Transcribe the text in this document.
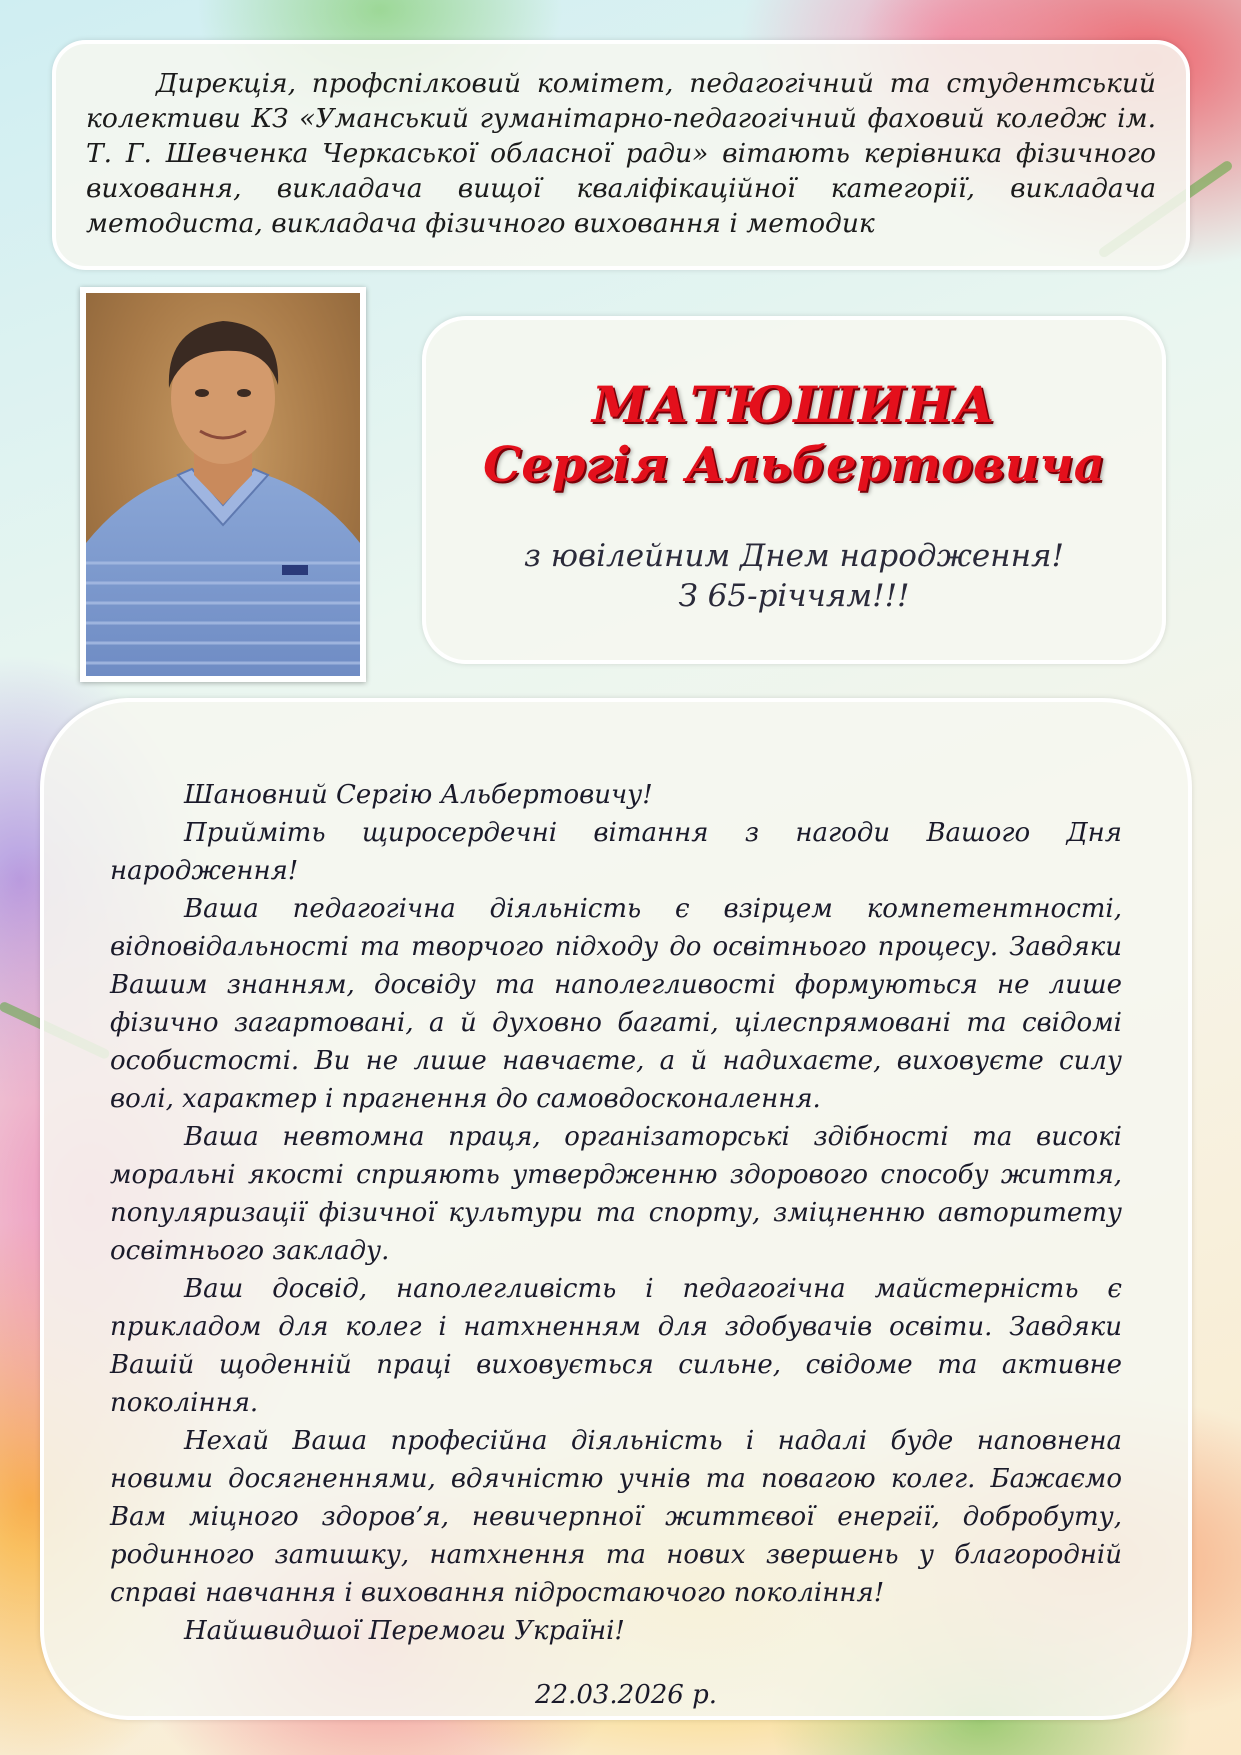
Дирекція, профспілковий комітет, педагогічний та студентський колективи КЗ «Уманський гуманітарно-педагогічний фаховий коледж ім. Т. Г. Шевченка Черкаської обласної ради» вітають керівника фізичного виховання, викладача вищої кваліфікаційної категорії, викладача методиста, викладача фізичного виховання і методик

МАТЮШИНА

Сергія Альбертовича

з ювілейним Днем народження!

З 65-річчям!!!

Шановний Сергію Альбертовичу!

Прийміть щиросердечні вітання з нагоди Вашого Дня народження!

Ваша педагогічна діяльність є взірцем компетентності, відповідальності та творчого підходу до освітнього процесу. Завдяки Вашим знанням, досвіду та наполегливості формуються не лише фізично загартовані, а й духовно багаті, цілеспрямовані та свідомі особистості. Ви не лише навчаєте, а й надихаєте, виховуєте силу волі, характер і прагнення до самовдосконалення.

Ваша невтомна праця, організаторські здібності та високі моральні якості сприяють утвердженню здорового способу життя, популяризації фізичної культури та спорту, зміцненню авторитету освітнього закладу.

Ваш досвід, наполегливість і педагогічна майстерність є прикладом для колег і натхненням для здобувачів освіти. Завдяки Вашій щоденній праці виховується сильне, свідоме та активне покоління.

Нехай Ваша професійна діяльність і надалі буде наповнена новими досягненнями, вдячністю учнів та повагою колег. Бажаємо Вам міцного здоров’я, невичерпної життєвої енергії, добробуту, родинного затишку, натхнення та нових звершень у благородній справі навчання і виховання підростаючого покоління!

Найшвидшої Перемоги Україні!

22.03.2026 р.
